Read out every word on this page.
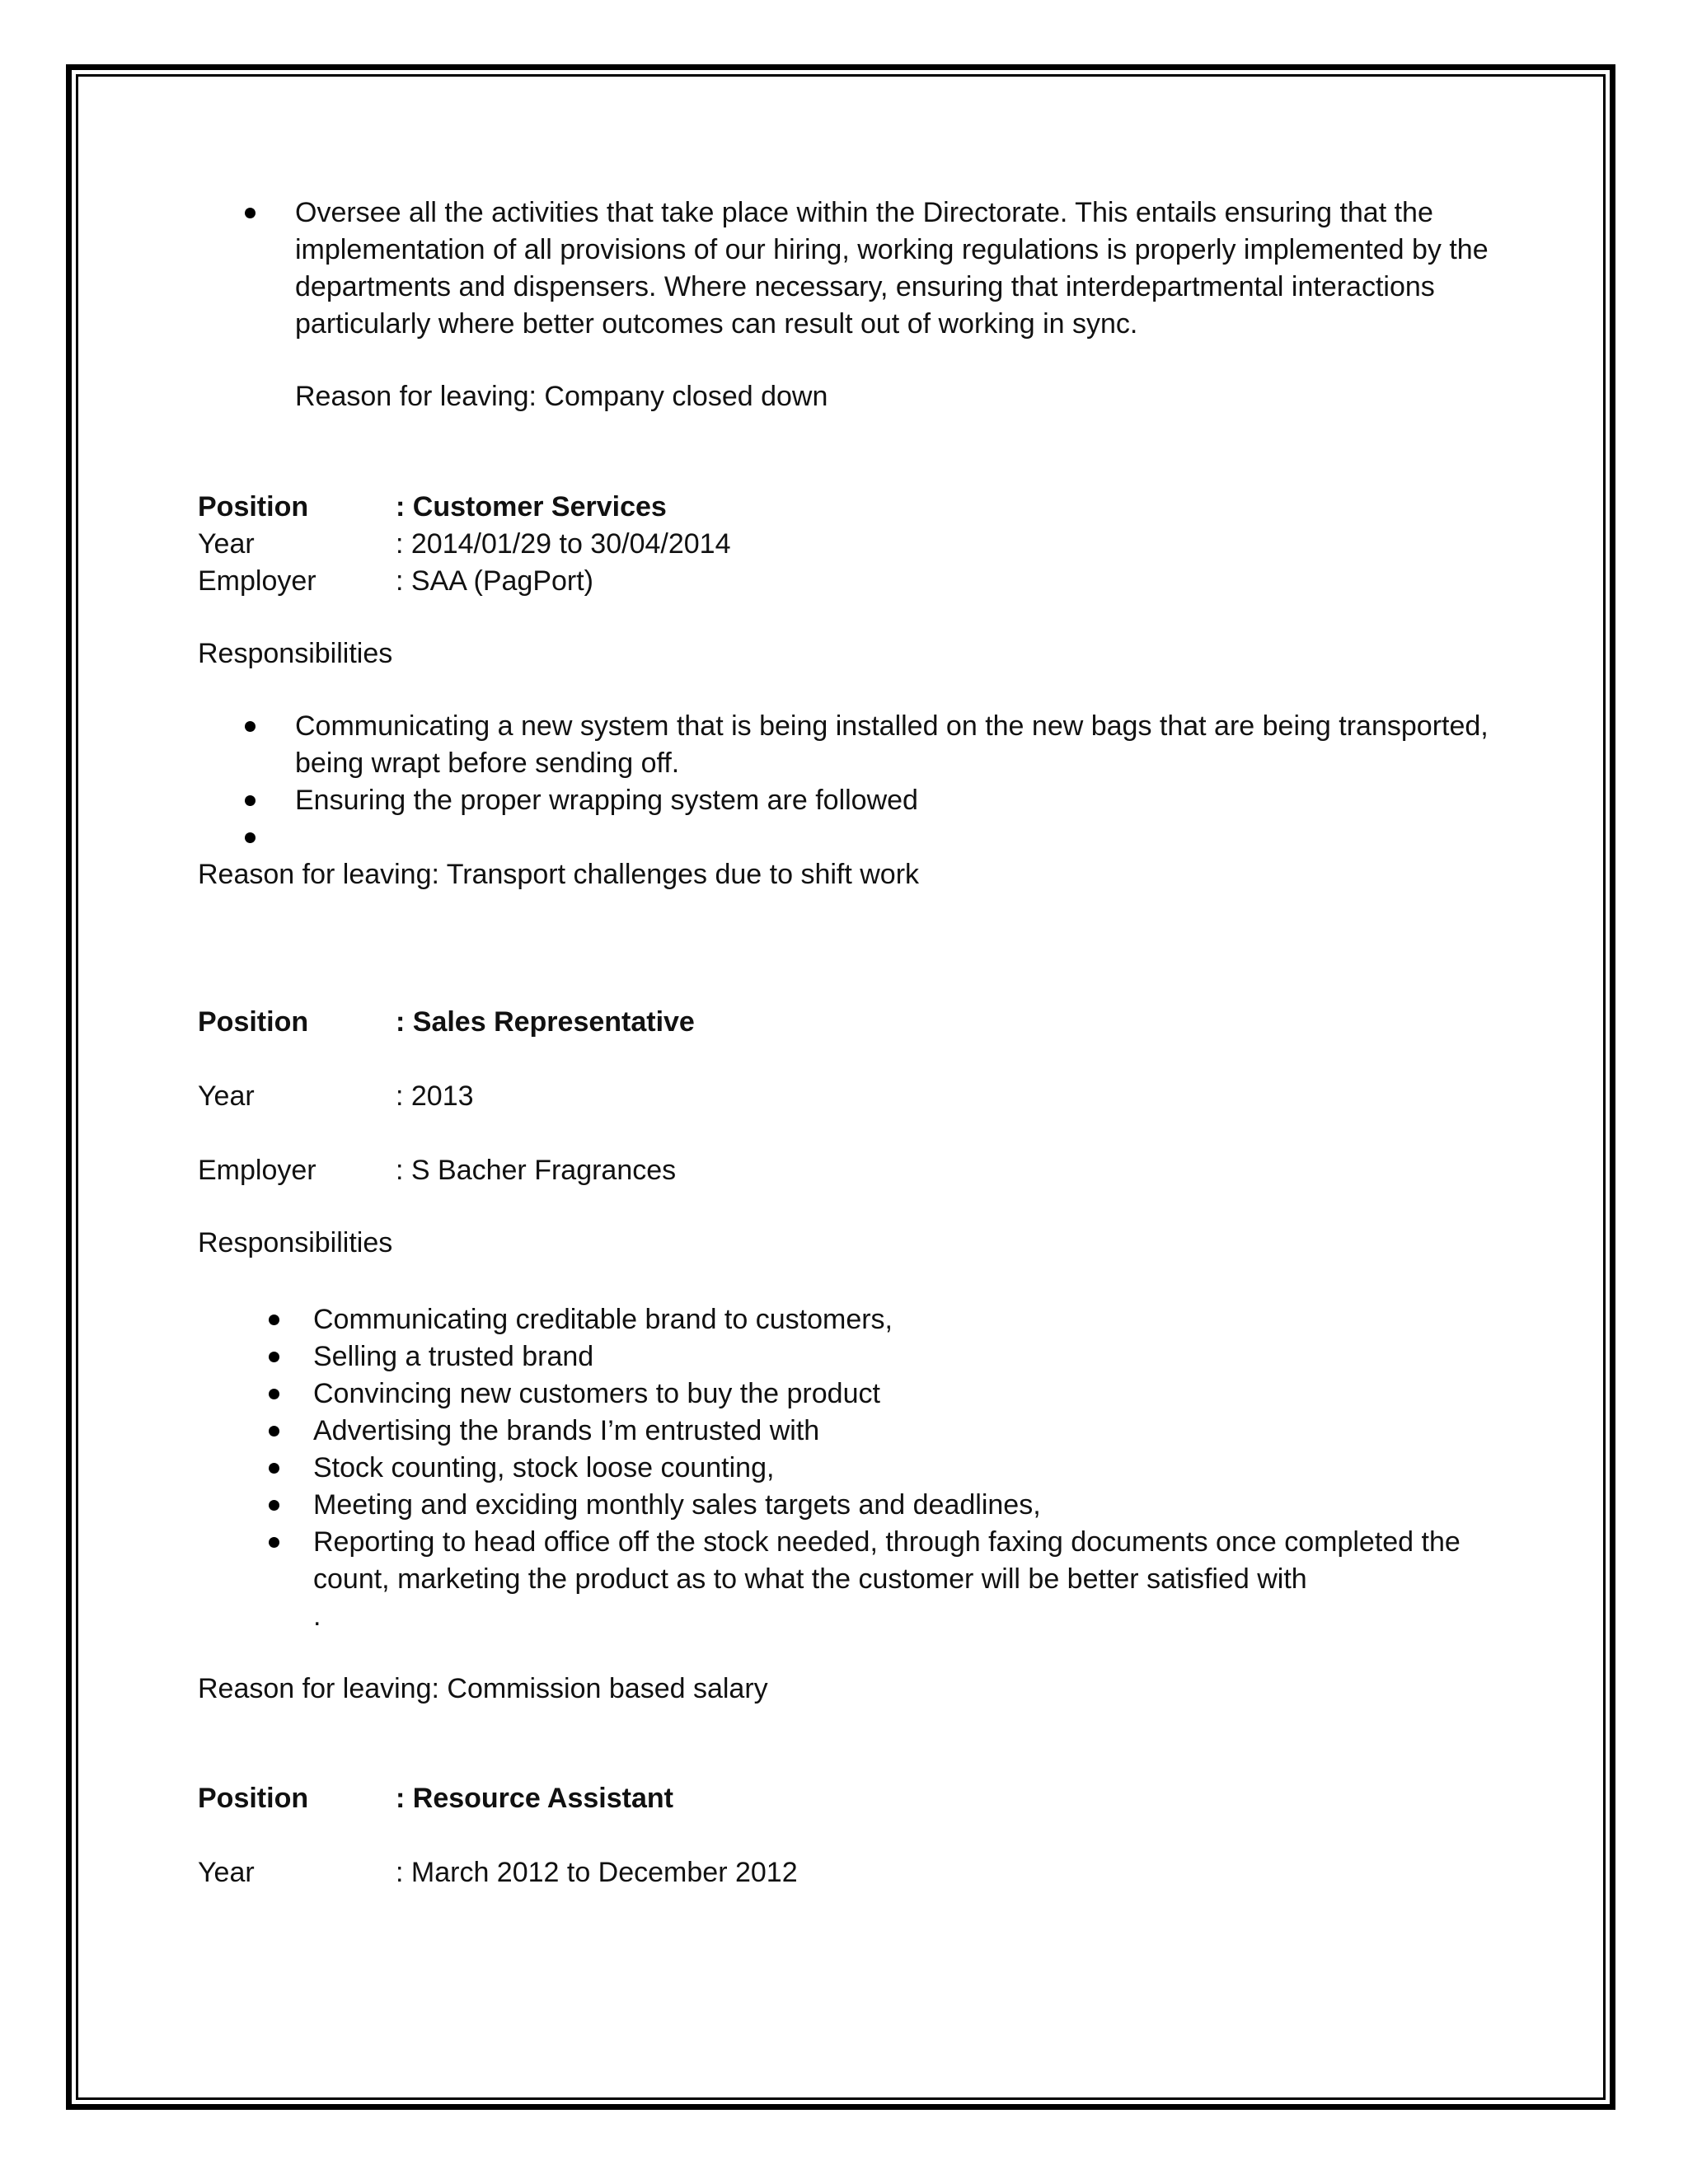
Oversee all the activities that take place within the Directorate. This entails ensuring that the implementation of all provisions of our hiring, working regulations is properly implemented by the departments and dispensers. Where necessary, ensuring that interdepartmental interactions particularly where better outcomes can result out of working in sync.
Reason for leaving: Company closed down
Position	: Customer Services
Year	: 2014/01/29 to 30/04/2014
Employer	: SAA (PagPort)
Responsibilities
Communicating a new system that is being installed on the new bags that are being transported, being wrapt before sending off.
Ensuring the proper wrapping system are followed
Reason for leaving: Transport challenges due to shift work
Position	: Sales Representative
Year	: 2013
Employer	: S Bacher Fragrances
Responsibilities
Communicating creditable brand to customers,
Selling a trusted brand
Convincing new customers to buy the product
Advertising the brands I’m entrusted with
Stock counting, stock loose counting,
Meeting and exciding monthly sales targets and deadlines,
Reporting to head office off the stock needed, through faxing documents once completed the count, marketing the product as to what the customer will be better satisfied with
.
Reason for leaving: Commission based salary
Position	: Resource Assistant
Year	: March 2012 to December 2012
